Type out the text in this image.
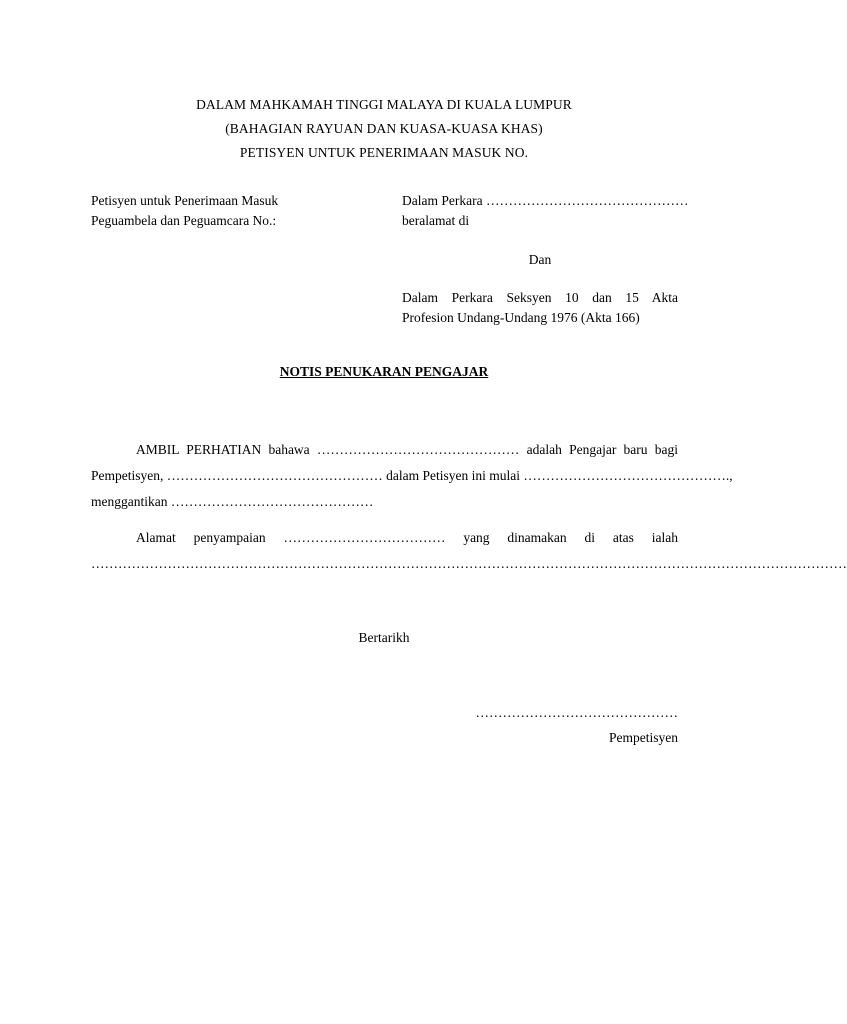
DALAM MAHKAMAH TINGGI MALAYA DI KUALA LUMPUR
(BAHAGIAN RAYUAN DAN KUASA-KUASA KHAS)
PETISYEN UNTUK PENERIMAAN MASUK NO.
Petisyen untuk Penerimaan Masuk
Peguambela dan Peguamcara No.:
Dalam Perkara ………………………………………
beralamat di
Dan
Dalam Perkara Seksyen 10 dan 15 Akta
Profesion Undang-Undang 1976 (Akta 166)
NOTIS PENUKARAN PENGAJAR
AMBIL PERHATIAN bahawa ……………………………………… adalah Pengajar baru bagi
Pempetisyen, ………………………………………… dalam Petisyen ini mulai ……………………………………….,
menggantikan ………………………………………
Alamat penyampaian ……………………………… yang dinamakan di atas ialah
……………………………………………………………………………………………………………………………………………………
Bertarikh
………………………………………
Pempetisyen
